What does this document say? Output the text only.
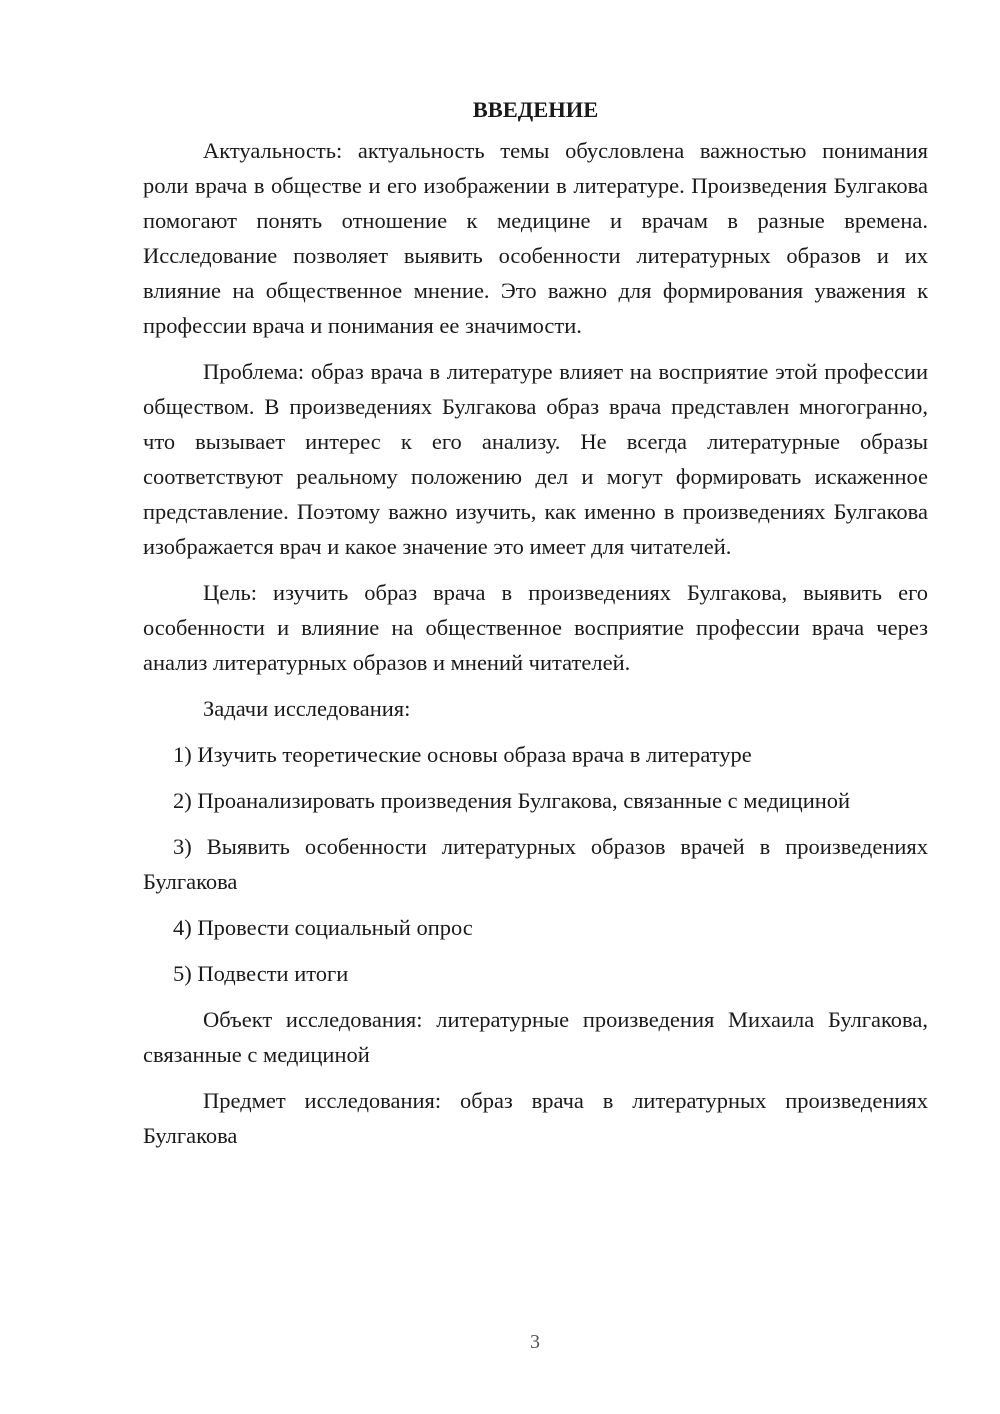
ВВЕДЕНИЕ

Актуальность: актуальность темы обусловлена важностью понимания роли врача в обществе и его изображении в литературе. Произведения Булгакова помогают понять отношение к медицине и врачам в разные времена. Исследование позволяет выявить особенности литературных образов и их влияние на общественное мнение. Это важно для формирования уважения к профессии врача и понимания ее значимости.

Проблема: образ врача в литературе влияет на восприятие этой профессии обществом. В произведениях Булгакова образ врача представлен многогранно, что вызывает интерес к его анализу. Не всегда литературные образы соответствуют реальному положению дел и могут формировать искаженное представление. Поэтому важно изучить, как именно в произведениях Булгакова изображается врач и какое значение это имеет для читателей.

Цель: изучить образ врача в произведениях Булгакова, выявить его особенности и влияние на общественное восприятие профессии врача через анализ литературных образов и мнений читателей.

Задачи исследования:

1) Изучить теоретические основы образа врача в литературе

2) Проанализировать произведения Булгакова, связанные с медициной

3) Выявить особенности литературных образов врачей в произведениях Булгакова

4) Провести социальный опрос

5) Подвести итоги

Объект исследования: литературные произведения Михаила Булгакова, связанные с медициной

Предмет исследования: образ врача в литературных произведениях Булгакова

3
